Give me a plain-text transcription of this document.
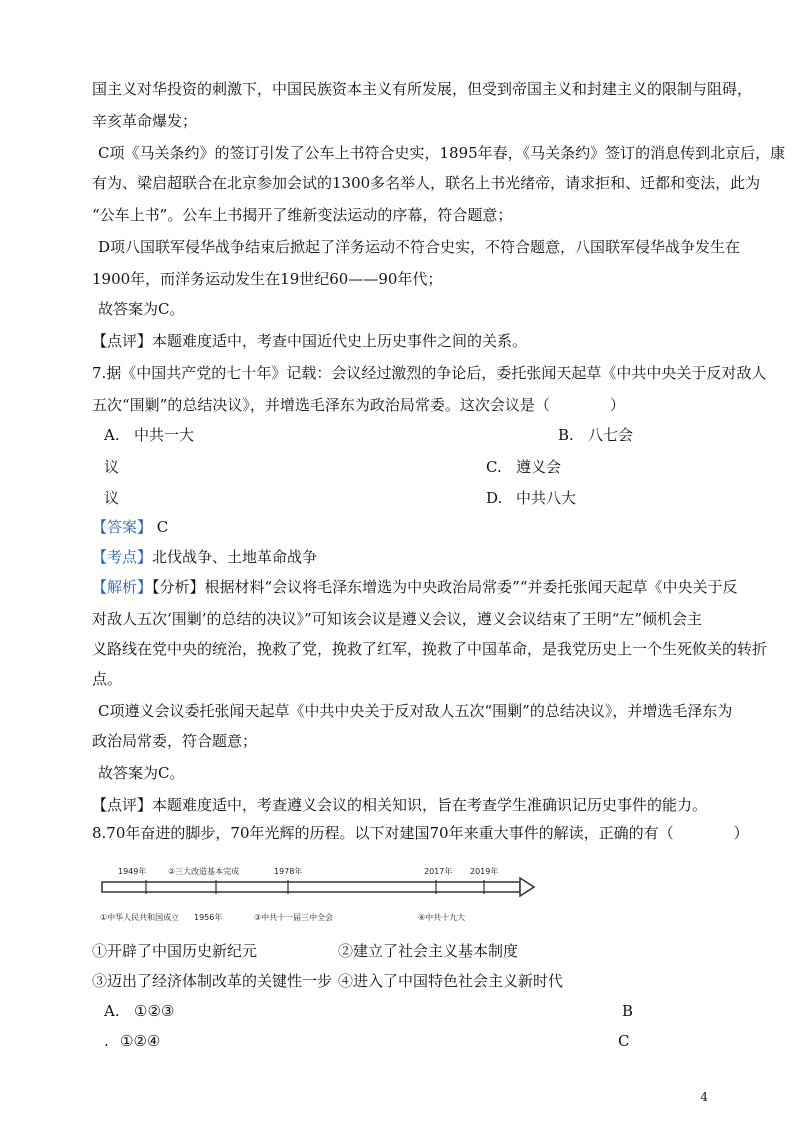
国主义对华投资的刺激下，中国民族资本主义有所发展，但受到帝国主义和封建主义的限制与阻碍，
辛亥革命爆发；
C项《马关条约》的签订引发了公车上书符合史实，1895年春，《马关条约》签订的消息传到北京后，康
有为、梁启超联合在北京参加会试的1300多名举人，联名上书光绪帝，请求拒和、迁都和变法，此为
“公车上书”。公车上书揭开了维新变法运动的序幕，符合题意；
D项八国联军侵华战争结束后掀起了洋务运动不符合史实，不符合题意，八国联军侵华战争发生在
1900年，而洋务运动发生在19世纪60——90年代；
故答案为C。
【点评】本题难度适中，考查中国近代史上历史事件之间的关系。
7.据《中国共产党的七十年》记载：会议经过激烈的争论后，委托张闻天起草《中共中央关于反对敌人
五次“围剿”的总结决议》，并增选毛泽东为政治局常委。这次会议是（　　　　）
A. 中共一大	B. 八七会
议	C. 遵义会
议	D. 中共八大
【答案】 C
【考点】北伐战争、土地革命战争
【解析】【分析】根据材料“会议将毛泽东增选为中央政治局常委”“并委托张闻天起草《中央关于反
对敌人五次‘围剿’的总结的决议》”可知该会议是遵义会议，遵义会议结束了王明“左”倾机会主
义路线在党中央的统治，挽救了党，挽救了红军，挽救了中国革命，是我党历史上一个生死攸关的转折
点。
C项遵义会议委托张闻天起草《中共中央关于反对敌人五次“围剿”的总结决议》，并增选毛泽东为
政治局常委，符合题意；
故答案为C。
【点评】本题难度适中，考查遵义会议的相关知识，旨在考查学生准确识记历史事件的能力。
8.70年奋进的脚步，70年光辉的历程。以下对建国70年来重大事件的解读，正确的有（　　　　）
1949年	②三大改造基本完成	1978年	2017年 2019年
①中华人民共和国成立 1956年	③中共十一届三中全会	④中共十九大
①开辟了中国历史新纪元	②建立了社会主义基本制度
③迈出了经济体制改革的关键性一步 ④进入了中国特色社会主义新时代
A. ①②③	B
. ①②④	C
4
